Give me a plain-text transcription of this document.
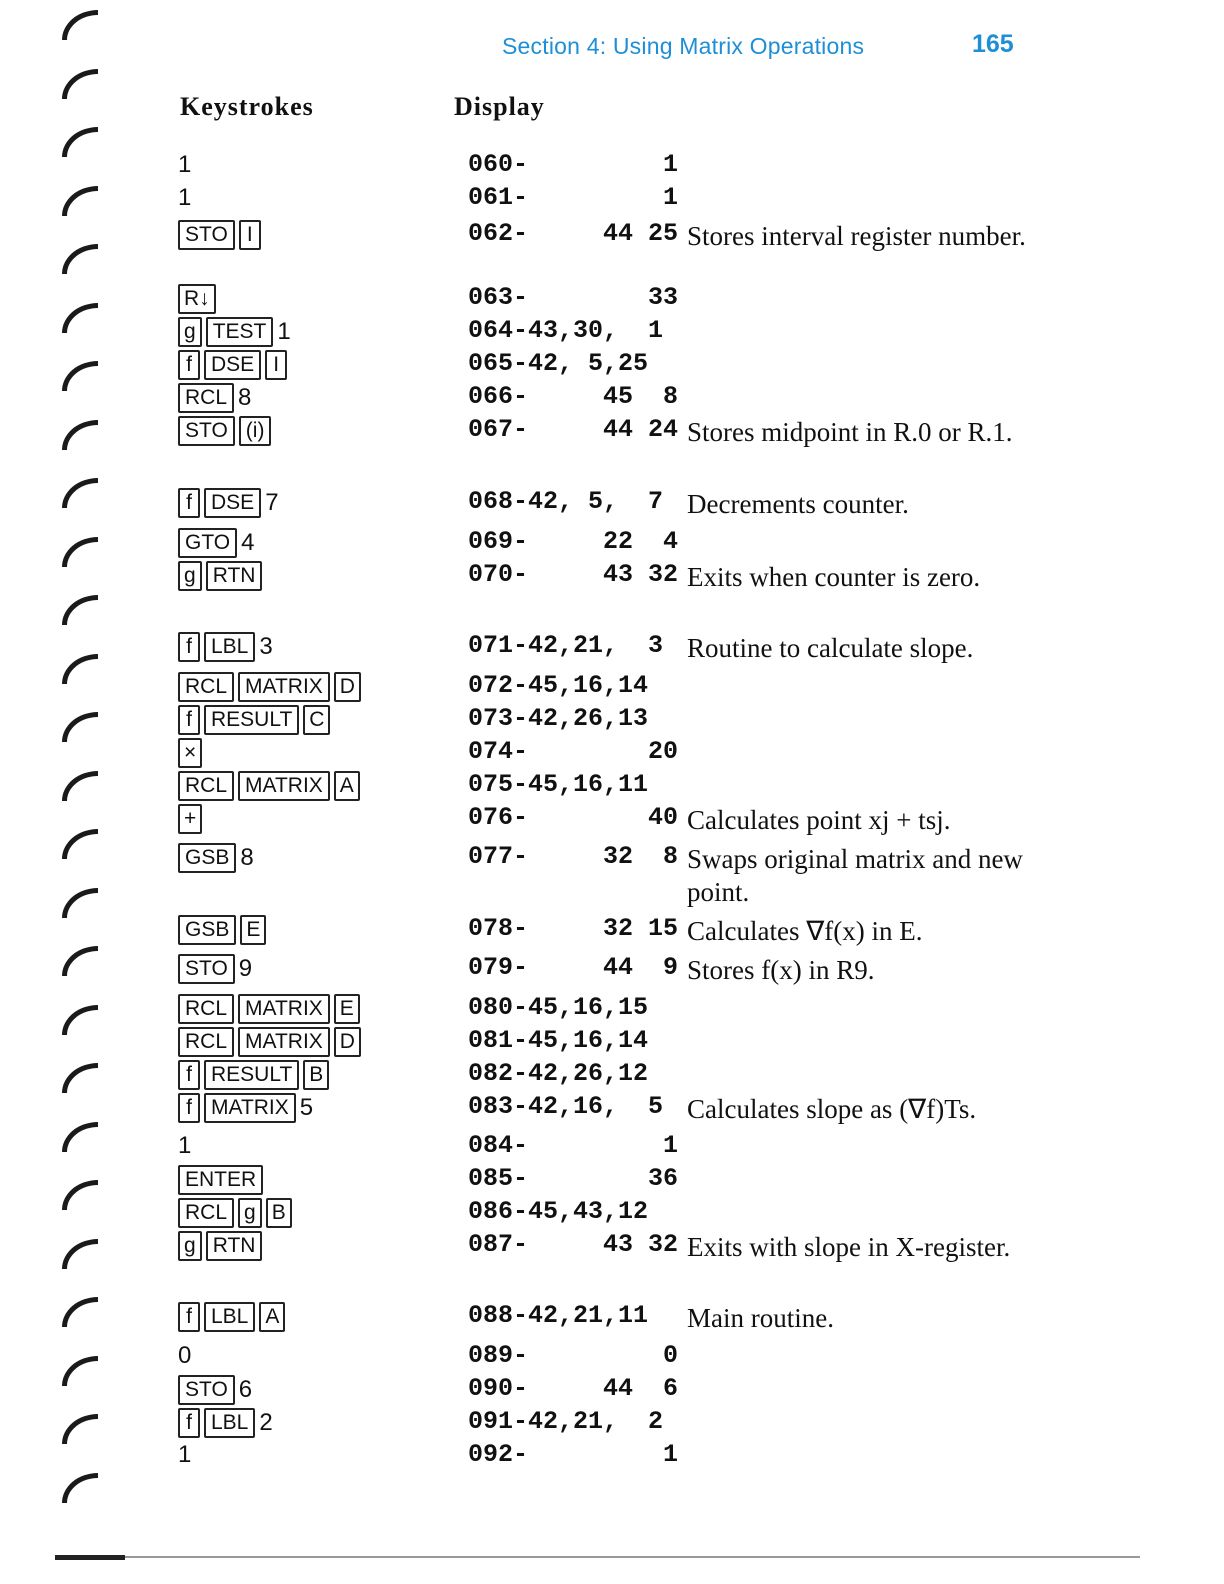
Section 4: Using Matrix Operations	165
Keystrokes	Display
1	060-         1
1	061-         1
STO I	062-     44 25 Stores interval register number.
R↓	063-        33
g TEST 1	064-43,30,  1
f DSE I	065-42, 5,25
RCL 8	066-     45  8
STO (i)	067-     44 24 Stores midpoint in R.0 or R.1.
f DSE 7	068-42, 5,  7 Decrements counter.
GTO 4	069-     22  4
g RTN	070-     43 32 Exits when counter is zero.
f LBL 3	071-42,21,  3 Routine to calculate slope.
RCL MATRIX D	072-45,16,14
f RESULT C	073-42,26,13
×	074-        20
RCL MATRIX A	075-45,16,11
+	076-        40 Calculates point xj + tsj.
GSB 8	077-     32  8 Swaps original matrix and new point.
GSB E	078-     32 15 Calculates ∇f(x) in E.
STO 9	079-     44  9 Stores f(x) in R9.
RCL MATRIX E	080-45,16,15
RCL MATRIX D	081-45,16,14
f RESULT B	082-42,26,12
f MATRIX 5	083-42,16,  5 Calculates slope as (∇f)Ts.
1	084-         1
ENTER	085-        36
RCL g B	086-45,43,12
g RTN	087-     43 32 Exits with slope in X-register.
f LBL A	088-42,21,11	Main routine.
0	089-         0
STO 6	090-     44  6
f LBL 2	091-42,21,  2
1	092-         1
